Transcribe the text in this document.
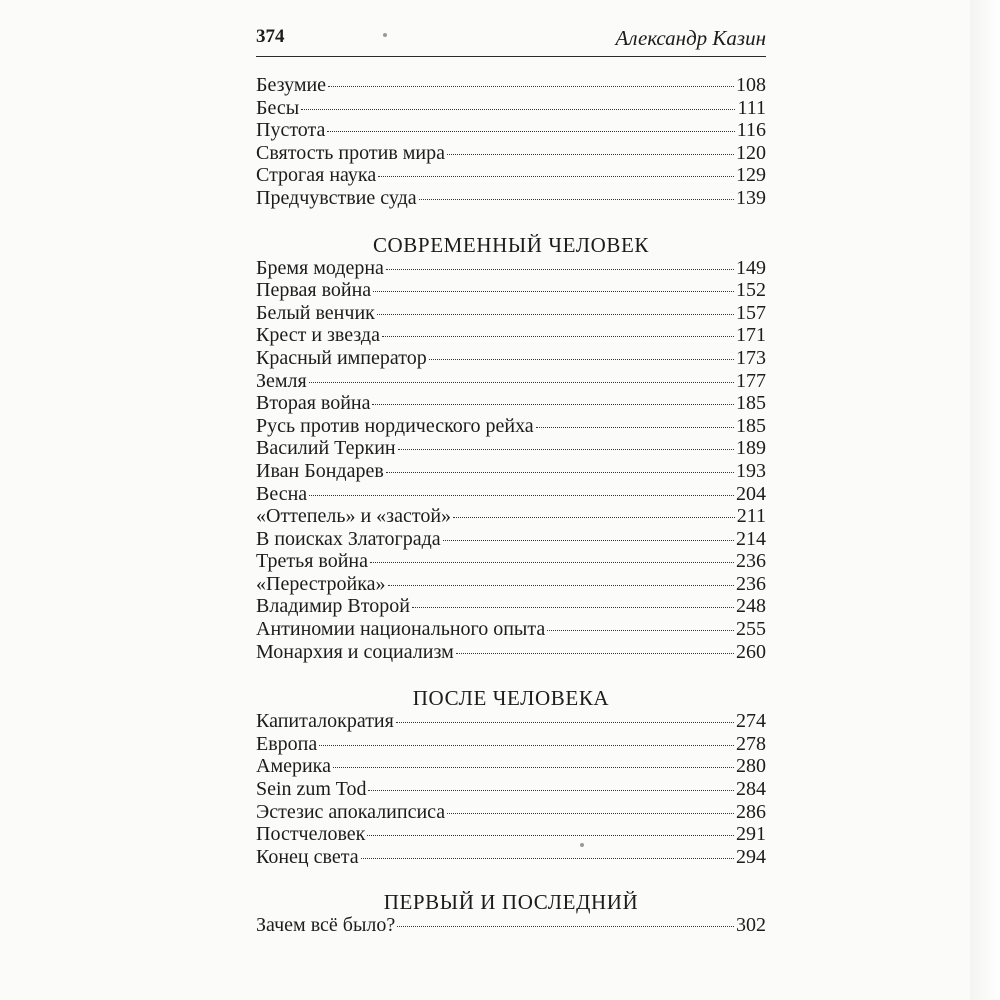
374	Александр Казин
Безумие	108
Бесы	111
Пустота	116
Святость против мира	120
Строгая наука	129
Предчувствие суда	139
СОВРЕМЕННЫЙ ЧЕЛОВЕК
Бремя модерна	149
Первая война	152
Белый венчик	157
Крест и звезда	171
Красный император	173
Земля	177
Вторая война	185
Русь против нордического рейха	185
Василий Теркин	189
Иван Бондарев	193
Весна	204
«Оттепель» и «застой»	211
В поисках Златограда	214
Третья война	236
«Перестройка»	236
Владимир Второй	248
Антиномии национального опыта	255
Монархия и социализм	260
ПОСЛЕ ЧЕЛОВЕКА
Капиталократия	274
Европа	278
Америка	280
Sein zum Tod	284
Эстезис апокалипсиса	286
Постчеловек	291
Конец света	294
ПЕРВЫЙ И ПОСЛЕДНИЙ
Зачем всё было?	302
